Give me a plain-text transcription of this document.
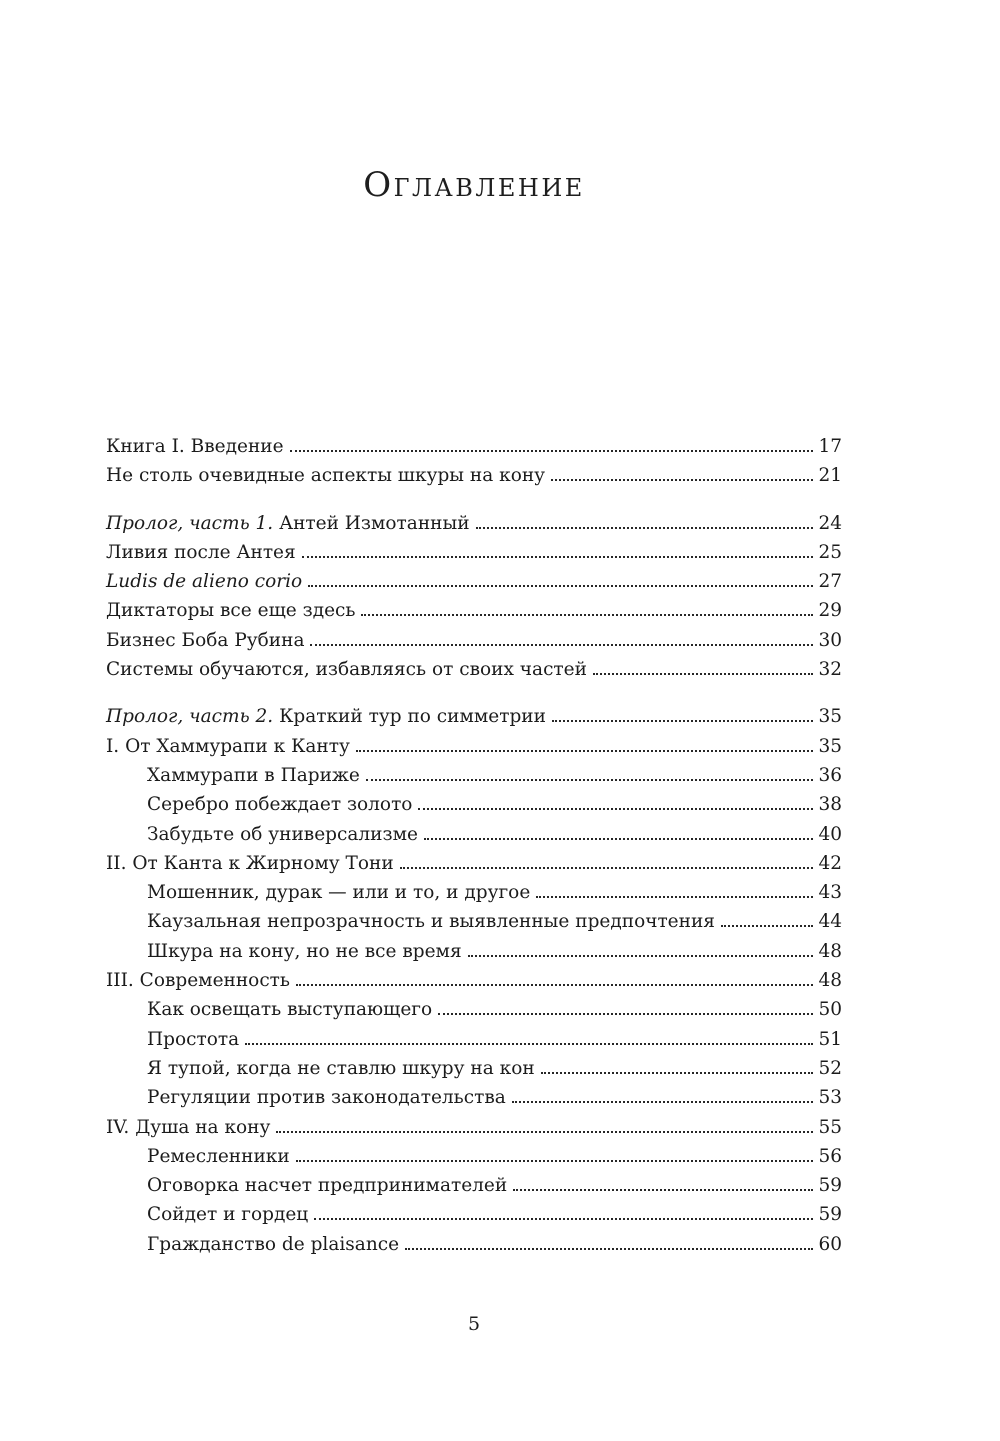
Оглавление
Книга I. Введение	17
Не столь очевидные аспекты шкуры на кону	21
Пролог, часть 1. Антей Измотанный	24
Ливия после Антея	25
Ludis de alieno corio	27
Диктаторы все еще здесь	29
Бизнес Боба Рубина	30
Системы обучаются, избавляясь от своих частей	32
Пролог, часть 2. Краткий тур по симметрии	35
I. От Хаммурапи к Канту	35
Хаммурапи в Париже	36
Серебро побеждает золото	38
Забудьте об универсализме	40
II. От Канта к Жирному Тони	42
Мошенник, дурак — или и то, и другое	43
Каузальная непрозрачность и выявленные предпочтения	44
Шкура на кону, но не все время	48
III. Современность	48
Как освещать выступающего	50
Простота	51
Я тупой, когда не ставлю шкуру на кон	52
Регуляции против законодательства	53
IV. Душа на кону	55
Ремесленники	56
Оговорка насчет предпринимателей	59
Сойдет и гордец	59
Гражданство de plaisance	60
5
